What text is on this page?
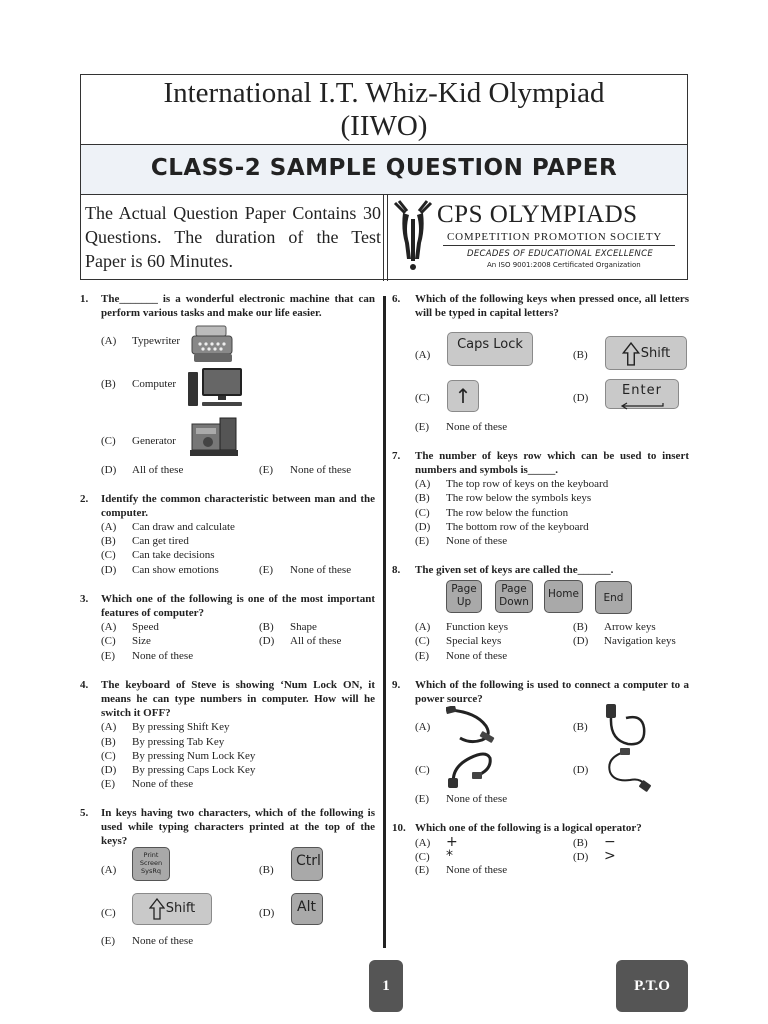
International I.T. Whiz-Kid Olympiad
(IIWO)
CLASS-2 SAMPLE QUESTION PAPER
The Actual Question Paper Contains 30 Questions. The duration of the Test Paper is 60 Minutes.
CPS OLYMPIADS
COMPETITION PROMOTION SOCIETY
DECADES OF EDUCATIONAL EXCELLENCE
An ISO 9001:2008 Certificated Organization
1. The_______ is a wonderful electronic machine that can perform various tasks and make our life easier.
(A) Typewriter
(B) Computer
(C) Generator
(D) All of these	(E) None of these
2. Identify the common characteristic between man and the computer.
(A) Can draw and calculate
(B) Can get tired
(C) Can take decisions
(D) Can show emotions	(E) None of these
3. Which one of the following is one of the most important features of computer?
(A) Speed	(B) Shape
(C) Size	(D) All of these
(E) None of these
4. The keyboard of Steve is showing ‘Num Lock ON, it means he can type numbers in computer. How will he switch it OFF?
(A) By pressing Shift Key
(B) By pressing Tab Key
(C) By pressing Num Lock Key
(D) By pressing Caps Lock Key
(E) None of these
5. In keys having two characters, which of the following is used while typing characters printed at the top of the keys?
(A)
Print
Screen
SysRq	(B)
Ctrl
(C)	Shift	(D)	Alt
(E) None of these
6. Which of the following keys when pressed once, all letters will be typed in capital letters?
(A)
Caps Lock
(B)	Shift
(C)	↑	(D)	Enter
(E) None of these
7. The number of keys row which can be used to insert numbers and symbols is_____.
(A) The top row of keys on the keyboard
(B) The row below the symbols keys
(C) The row below the function
(D) The bottom row of the keyboard
(E) None of these
8. The given set of keys are called the______.
Page
Up
Page
Down
Home	End
(A) Function keys	(B) Arrow keys
(C) Special keys	(D) Navigation keys
(E) None of these
9. Which of the following is used to connect a computer to a power source?
(A)	(B)
(C)	(D)
(E) None of these
10. Which one of the following is a logical operator?
(A) +	(B) −
(C) *	(D) >
(E) None of these
1	P.T.O
